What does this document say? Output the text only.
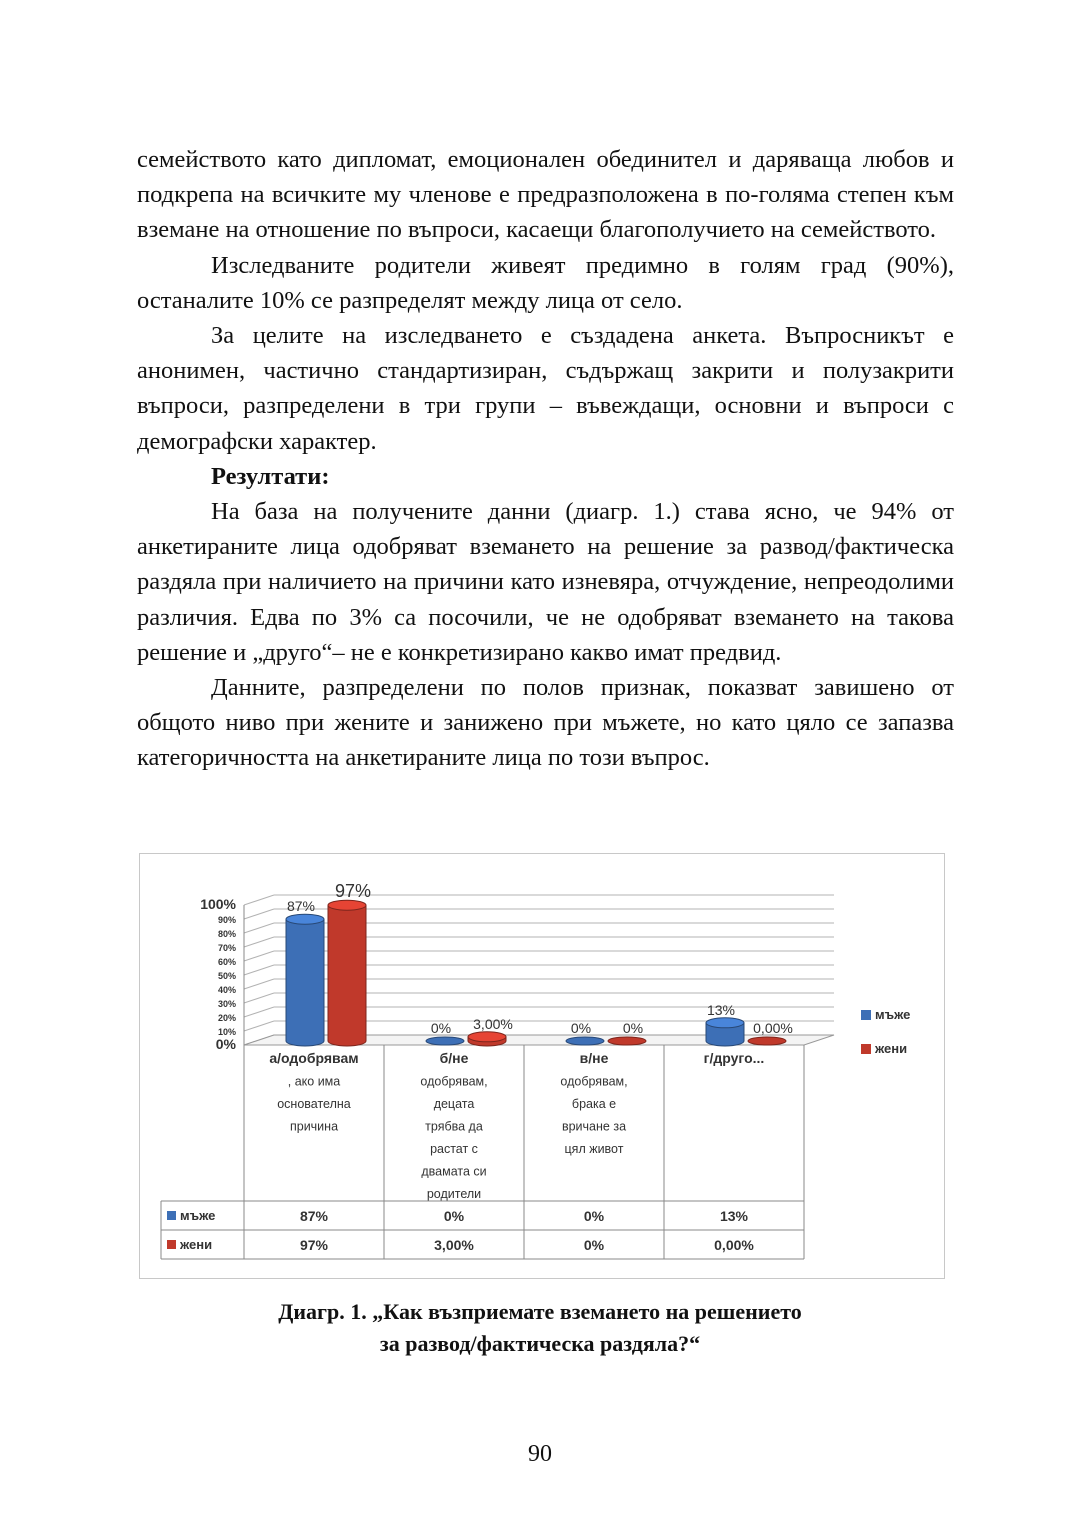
семейството като дипломат, емоционален обединител и даряваща любов и подкрепа на всичките му членове е предразположена в по-голяма степен към вземане на отношение по въпроси, касаещи благополучието на семейството.

Изследваните родители живеят предимно в голям град (90%), останалите 10% се разпределят между лица от село.

За целите на изследването е създадена анкета. Въпросникът е анонимен, частично стандартизиран, съдържащ закрити и полузакрити въпроси, разпределени в три групи – въвеждащи, основни и въпроси с демографски характер.

Резултати:

На база на получените данни (диагр. 1.) става ясно, че 94% от анкетираните лица одобряват вземането на решение за развод/фактическа раздяла при наличието на причини като изневяра, отчуждение, непреодолими различия. Едва по 3% са посочили, че не одобряват вземането на такова решение и „друго“– не е конкретизирано какво имат предвид.

Данните, разпределени по полов признак, показват завишено от общото ниво при жените и занижено при мъжете, но като цяло се запазва категоричността на анкетираните лица по този въпрос.

0%
10%
20%
30%
40%
50%
60%
70%
80%
90%
100%	87%
97%
0% 3,00%	0% 0%
13%
0,00%
мъже
жени
а/одобрявам
, ако има
основателна
причина
б/не
одобрявам,
децата
трябва да
растат с
двамата си
родители
в/не
одобрявам,
брака е
вричане за
цял живот
г/друго...
мъже	87%	0%	0%	13%
жени	97%	3,00%	0%	0,00%
Диагр. 1. „Как възприемате вземането на решението
за развод/фактическа раздяла?“
90
